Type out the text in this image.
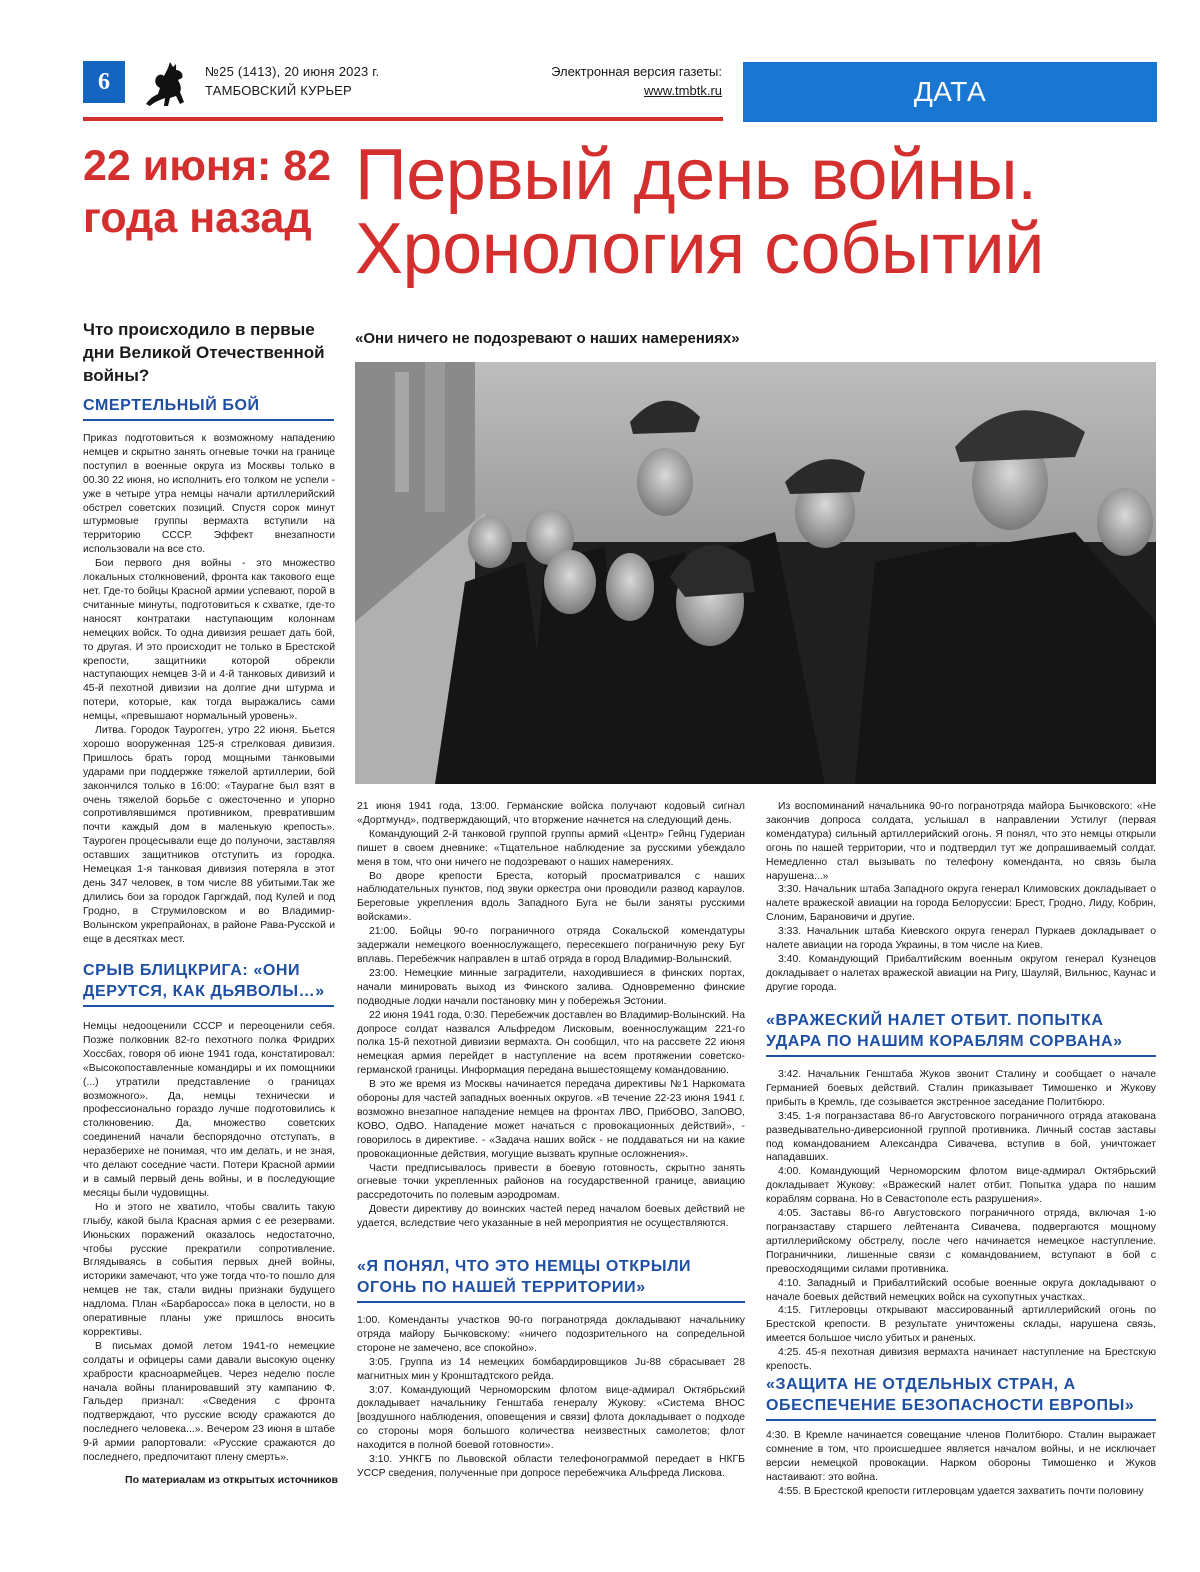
6	№25 (1413), 20 июня 2023 г.
ТАМБОВСКИЙ КУРЬЕР
Электронная версия газеты:
www.tmbtk.ru	ДАТА
22 июня: 82 года назад
Что происходило в первые дни Великой Отечественной войны?
СМЕРТЕЛЬНЫЙ БОЙ

Приказ подготовиться к возможному нападению немцев и скрытно занять огневые точки на границе поступил в военные округа из Москвы только в 00.30 22 июня, но исполнить его толком не успели - уже в четыре утра немцы начали артиллерийский обстрел советских позиций. Спустя сорок минут штурмовые группы вермахта вступили на территорию СССР. Эффект внезапности использовали на все сто.

Бои первого дня войны - это множество локальных столкновений, фронта как такового еще нет. Где-то бойцы Красной армии успевают, порой в считанные минуты, подготовиться к схватке, где-то наносят контратаки наступающим колоннам немецких войск. То одна дивизия решает дать бой, то другая. И это происходит не только в Брестской крепости, защитники которой обрекли наступающих немцев 3-й и 4-й танковых дивизий и 45-й пехотной дивизии на долгие дни штурма и потери, которые, как тогда выражались сами немцы, «превышают нормальный уровень».

Литва. Городок Таурогген, утро 22 июня. Бьется хорошо вооруженная 125-я стрелковая дивизия. Пришлось брать город мощными танковыми ударами при поддержке тяжелой артиллерии, бой закончился только в 16:00: «Таурагне был взят в очень тяжелой борьбе с ожесточенно и упорно сопротивлявшимся противником, превратившим почти каждый дом в маленькую крепость». Тауроген процесывали еще до полуночи, заставляя оставших защитников отступить из городка. Немецкая 1-я танковая дивизия потеряла в этот день 347 человек, в том числе 88 убитыми.Так же длились бои за городок Гаргждай, под Кулей и под Гродно, в Струмиловском и во Владимир-Волынском укрепрайонах, в районе Рава-Русской и еще в десятках мест.

СРЫВ БЛИЦКРИГА: «ОНИ ДЕРУТСЯ, КАК ДЬЯВОЛЫ…»

Немцы недооценили СССР и переоценили себя. Позже полковник 82-го пехотного полка Фридрих Хоссбах, говоря об июне 1941 года, констатировал: «Высокопоставленные командиры и их помощники (...) утратили представление о границах возможного». Да, немцы технически и профессионально гораздо лучше подготовились к столкновению. Да, множество советских соединений начали беспорядочно отступать, в неразберихе не понимая, что им делать, и не зная, что делают соседние части. Потери Красной армии и в самый первый день войны, и в последующие месяцы были чудовищны.

Но и этого не хватило, чтобы свалить такую глыбу, какой была Красная армия с ее резервами. Июньских поражений оказалось недостаточно, чтобы русские прекратили сопротивление. Вглядываясь в события первых дней войны, историки замечают, что уже тогда что-то пошло для немцев не так, стали видны признаки будущего надлома. План «Барбаросса» пока в целости, но в оперативные планы уже пришлось вносить коррективы.

В письмах домой летом 1941-го немецкие солдаты и офицеры сами давали высокую оценку храбрости красноармейцев. Через неделю после начала войны планировавший эту кампанию Ф. Гальдер признал: «Сведения с фронта подтверждают, что русские всюду сражаются до последнего человека...». Вечером 23 июня в штабе 9-й армии рапортовали: «Русские сражаются до последнего, предпочитают плену смерть».

По материалам из открытых источников
Первый день войны. Хронология событий
«Они ничего не подозревают о наших намерениях»

21 июня 1941 года, 13:00. Германские войска получают кодовый сигнал «Дортмунд», подтверждающий, что вторжение начнется на следующий день.

Командующий 2-й танковой группой группы армий «Центр» Гейнц Гудериан пишет в своем дневнике: «Тщательное наблюдение за русскими убеждало меня в том, что они ничего не подозревают о наших намерениях.

Во дворе крепости Бреста, который просматривался с наших наблюдательных пунктов, под звуки оркестра они проводили развод караулов. Береговые укрепления вдоль Западного Буга не были заняты русскими войсками».

21:00. Бойцы 90-го пограничного отряда Сокальской комендатуры задержали немецкого военнослужащего, пересекшего пограничную реку Буг вплавь. Перебежчик направлен в штаб отряда в город Владимир-Волынский.

23:00. Немецкие минные заградители, находившиеся в финских портах, начали минировать выход из Финского залива. Одновременно финские подводные лодки начали постановку мин у побережья Эстонии.

22 июня 1941 года, 0:30. Перебежчик доставлен во Владимир-Волынский. На допросе солдат назвался Альфредом Лисковым, военнослужащим 221-го полка 15-й пехотной дивизии вермахта. Он сообщил, что на рассвете 22 июня немецкая армия перейдет в наступление на всем протяжении советско-германской границы. Информация передана вышестоящему командованию.

В это же время из Москвы начинается передача директивы №1 Наркомата обороны для частей западных военных округов. «В течение 22-23 июня 1941 г. возможно внезапное нападение немцев на фронтах ЛВО, ПрибОВО, ЗапОВО, КОВО, ОдВО. Нападение может начаться с провокационных действий», - говорилось в директиве. - «Задача наших войск - не поддаваться ни на какие провокационные действия, могущие вызвать крупные осложнения».

Части предписывалось привести в боевую готовность, скрытно занять огневые точки укрепленных районов на государственной границе, авиацию рассредоточить по полевым аэродромам.

Довести директиву до воинских частей перед началом боевых действий не удается, вследствие чего указанные в ней мероприятия не осуществляются.

«Я ПОНЯЛ, ЧТО ЭТО НЕМЦЫ ОТКРЫЛИ ОГОНЬ ПО НАШЕЙ ТЕРРИТОРИИ»

1:00. Коменданты участков 90-го погранотряда докладывают начальнику отряда майору Бычковскому: «ничего подозрительного на сопредельной стороне не замечено, все спокойно».

3:05. Группа из 14 немецких бомбардировщиков Ju-88 сбрасывает 28 магнитных мин у Кронштадтского рейда.

3:07. Командующий Черноморским флотом вице-адмирал Октябрьский докладывает начальнику Генштаба генералу Жукову: «Система ВНОС [воздушного наблюдения, оповещения и связи] флота докладывает о подходе со стороны моря большого количества неизвестных самолетов; флот находится в полной боевой готовности».

3:10. УНКГБ по Львовской области телефонограммой передает в НКГБ УССР сведения, полученные при допросе перебежчика Альфреда Лискова.

Из воспоминаний начальника 90-го погранотряда майора Бычковского: «Не закончив допроса солдата, услышал в направлении Устилуг (первая комендатура) сильный артиллерийский огонь. Я понял, что это немцы открыли огонь по нашей территории, что и подтвердил тут же допрашиваемый солдат. Немедленно стал вызывать по телефону коменданта, но связь была нарушена...»

3:30. Начальник штаба Западного округа генерал Климовских докладывает о налете вражеской авиации на города Белоруссии: Брест, Гродно, Лиду, Кобрин, Слоним, Барановичи и другие.

3:33. Начальник штаба Киевского округа генерал Пуркаев докладывает о налете авиации на города Украины, в том числе на Киев.

3:40. Командующий Прибалтийским военным округом генерал Кузнецов докладывает о налетах вражеской авиации на Ригу, Шауляй, Вильнюс, Каунас и другие города.

«ВРАЖЕСКИЙ НАЛЕТ ОТБИТ. ПОПЫТКА УДАРА ПО НАШИМ КОРАБЛЯМ СОРВАНА»

3:42. Начальник Генштаба Жуков звонит Сталину и сообщает о начале Германией боевых действий. Сталин приказывает Тимошенко и Жукову прибыть в Кремль, где созывается экстренное заседание Политбюро.

3:45. 1-я погранзастава 86-го Августовского пограничного отряда атакована разведывательно-диверсионной группой противника. Личный состав заставы под командованием Александра Сивачева, вступив в бой, уничтожает нападавших.

4:00. Командующий Черноморским флотом вице-адмирал Октябрьский докладывает Жукову: «Вражеский налет отбит. Попытка удара по нашим кораблям сорвана. Но в Севастополе есть разрушения».

4:05. Заставы 86-го Августовского пограничного отряда, включая 1-ю погранзаставу старшего лейтенанта Сивачева, подвергаются мощному артиллерийскому обстрелу, после чего начинается немецкое наступление. Пограничники, лишенные связи с командованием, вступают в бой с превосходящими силами противника.

4:10. Западный и Прибалтийский особые военные округа докладывают о начале боевых действий немецких войск на сухопутных участках.

4:15. Гитлеровцы открывают массированный артиллерийский огонь по Брестской крепости. В результате уничтожены склады, нарушена связь, имеется большое число убитых и раненых.

4:25. 45-я пехотная дивизия вермахта начинает наступление на Брестскую крепость.

«ЗАЩИТА НЕ ОТДЕЛЬНЫХ СТРАН, А ОБЕСПЕЧЕНИЕ БЕЗОПАСНОСТИ ЕВРОПЫ»

4:30. В Кремле начинается совещание членов Политбюро. Сталин выражает сомнение в том, что происшедшее является началом войны, и не исключает версии немецкой провокации. Нарком обороны Тимошенко и Жуков настаивают: это война.

4:55. В Брестской крепости гитлеровцам удается захватить почти половину
